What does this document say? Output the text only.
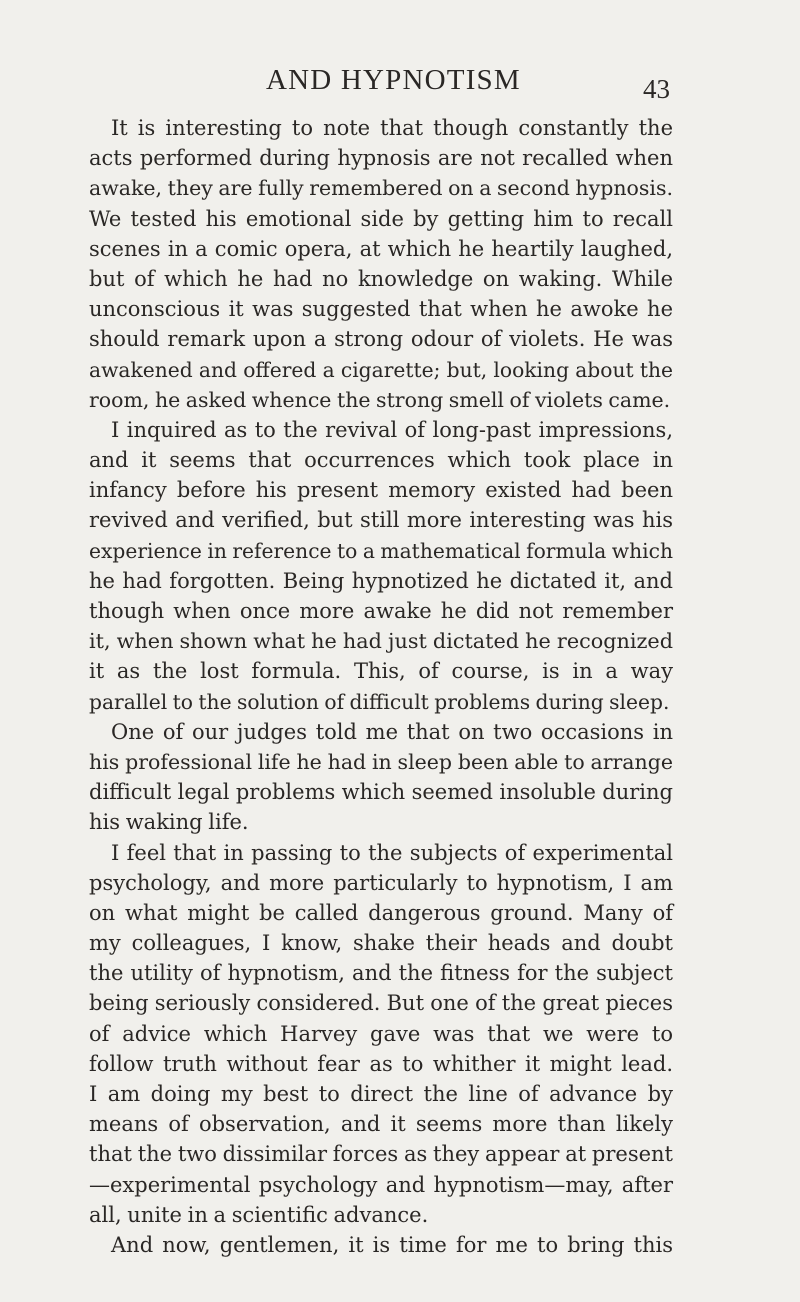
AND HYPNOTISM	43
It is interesting to note that though constantly the
acts performed during hypnosis are not recalled when
awake, they are fully remembered on a second hypnosis.
We tested his emotional side by getting him to recall
scenes in a comic opera, at which he heartily laughed,
but of which he had no knowledge on waking. While
unconscious it was suggested that when he awoke he
should remark upon a strong odour of violets. He was
awakened and offered a cigarette; but, looking about the
room, he asked whence the strong smell of violets came.
I inquired as to the revival of long-past impressions,
and it seems that occurrences which took place in
infancy before his present memory existed had been
revived and verified, but still more interesting was his
experience in reference to a mathematical formula which
he had forgotten. Being hypnotized he dictated it, and
though when once more awake he did not remember
it, when shown what he had just dictated he recognized
it as the lost formula. This, of course, is in a way
parallel to the solution of difficult problems during sleep.
One of our judges told me that on two occasions in
his professional life he had in sleep been able to arrange
difficult legal problems which seemed insoluble during
his waking life.
I feel that in passing to the subjects of experimental
psychology, and more particularly to hypnotism, I am
on what might be called dangerous ground. Many of
my colleagues, I know, shake their heads and doubt
the utility of hypnotism, and the fitness for the subject
being seriously considered. But one of the great pieces
of advice which Harvey gave was that we were to
follow truth without fear as to whither it might lead.
I am doing my best to direct the line of advance by
means of observation, and it seems more than likely
that the two dissimilar forces as they appear at present
—experimental psychology and hypnotism—may, after
all, unite in a scientific advance.
And now, gentlemen, it is time for me to bring this
